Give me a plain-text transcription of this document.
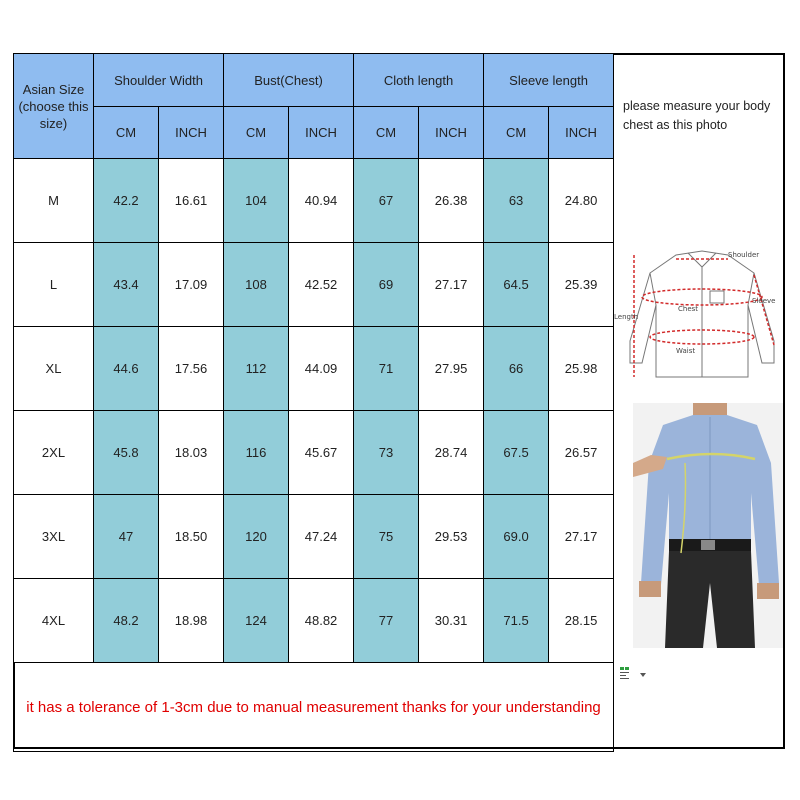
Asian Size (choose this size)	Shoulder Width		Bust(Chest)		Cloth length		Sleeve length	
	CM	INCH	CM	INCH	CM	INCH	CM	INCH
M	42.2	16.61	104	40.94	67	26.38	63	24.80
L	43.4	17.09	108	42.52	69	27.17	64.5	25.39
XL	44.6	17.56	112	44.09	71	27.95	66	25.98
2XL	45.8	18.03	116	45.67	73	28.74	67.5	26.57
3XL	47	18.50	120	47.24	75	29.53	69.0	27.17
4XL	48.2	18.98	124	48.82	77	30.31	71.5	28.15
it has a tolerance of 1-3cm due to manual measurement thanks for your understanding								
please measure your body chest as this photo
Shoulder
Sleeve
Chest
Length
Waist
